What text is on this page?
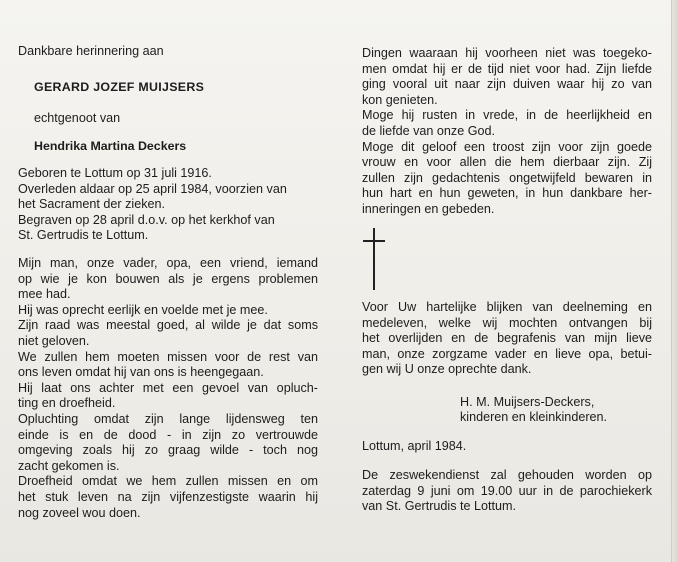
Dankbare herinnering aan
GERARD JOZEF MUIJSERS
echtgenoot van
Hendrika Martina Deckers
Geboren te Lottum op 31 juli 1916.
Overleden aldaar op 25 april 1984, voorzien van
het Sacrament der zieken.
Begraven op 28 april d.o.v. op het kerkhof van
St. Gertrudis te Lottum.
Mijn man, onze vader, opa, een vriend, iemand
op wie je kon bouwen als je ergens problemen
mee had.
Hij was oprecht eerlijk en voelde met je mee.
Zijn raad was meestal goed, al wilde je dat soms
niet geloven.
We zullen hem moeten missen voor de rest van
ons leven omdat hij van ons is heengegaan.
Hij laat ons achter met een gevoel van opluch-
ting en droefheid.
Opluchting omdat zijn lange lijdensweg ten
einde is en de dood - in zijn zo vertrouwde
omgeving zoals hij zo graag wilde - toch nog
zacht gekomen is.
Droefheid omdat we hem zullen missen en om
het stuk leven na zijn vijfenzestigste waarin hij
nog zoveel wou doen.
Dingen waaraan hij voorheen niet was toegeko-
men omdat hij er de tijd niet voor had. Zijn liefde
ging vooral uit naar zijn duiven waar hij zo van
kon genieten.
Moge hij rusten in vrede, in de heerlijkheid en
de liefde van onze God.
Moge dit geloof een troost zijn voor zijn goede
vrouw en voor allen die hem dierbaar zijn. Zij
zullen zijn gedachtenis ongetwijfeld bewaren in
hun hart en hun geweten, in hun dankbare her-
inneringen en gebeden.
Voor Uw hartelijke blijken van deelneming en
medeleven, welke wij mochten ontvangen bij
het overlijden en de begrafenis van mijn lieve
man, onze zorgzame vader en lieve opa, betui-
gen wij U onze oprechte dank.
H. M. Muijsers-Deckers,
kinderen en kleinkinderen.
Lottum, april 1984.
De zeswekendienst zal gehouden worden op
zaterdag 9 juni om 19.00 uur in de parochiekerk
van St. Gertrudis te Lottum.
